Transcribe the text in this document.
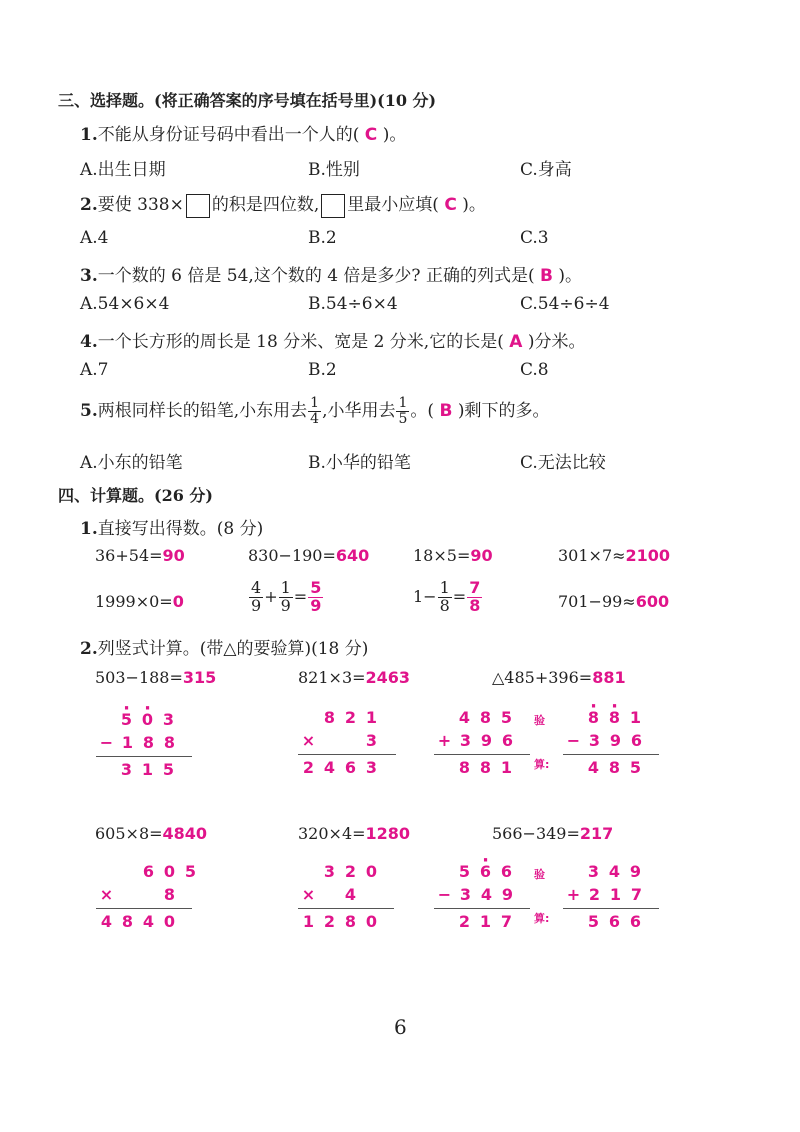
三、选择题。(将正确答案的序号填在括号里)(10 分)
1.不能从身份证号码中看出一个人的( C )。
A.出生日期	B.性别	C.身高
2.要使 338× 的积是四位数, 里最小应填( C )。
A.4	B.2	C.3
3.一个数的 6 倍是 54,这个数的 4 倍是多少? 正确的列式是( B )。
A.54×6×4	B.54÷6×4	C.54÷6÷4
4.一个长方形的周长是 18 分米、宽是 2 分米,它的长是( A )分米。
A.7	B.2	C.8
5.两根同样长的铅笔,小东用去 $\frac{1}{4}$ ,小华用去 $\frac{1}{5}$ 。( B )剩下的多。
A.小东的铅笔	B.小华的铅笔	C.无法比较
四、计算题。(26 分)
1.直接写出得数。(8 分)
36+54=90	830−190=640	18×5=90	301×7≈2100
1999×0=0	$\frac{4}{9} + \frac{1}{9} = \frac{5}{9}$	$1- \frac{1}{8} = \frac{7}{8}$	701−99≈600
2.列竖式计算。(带△的要验算)(18 分)
503−188=315	821×3=2463	△485+396=881
· 5 · 0 3
− 1 8 8
3 1 5
8 2 1
×	3
2 4 6 3
4 8 5
+ 3 9 6
8 8 1
验
算:
· 8 · 8 1
− 3 9 6
4 8 5
605×8=4840	320×4=1280	566−349=217
6 0 5
×	8
4 8 4 0
3 2 0
× 4
1 2 8 0
5 · 6 6
− 3 4 9
2 1 7
验
算:
3 4 9
+ 2 1 7
5 6 6
6
